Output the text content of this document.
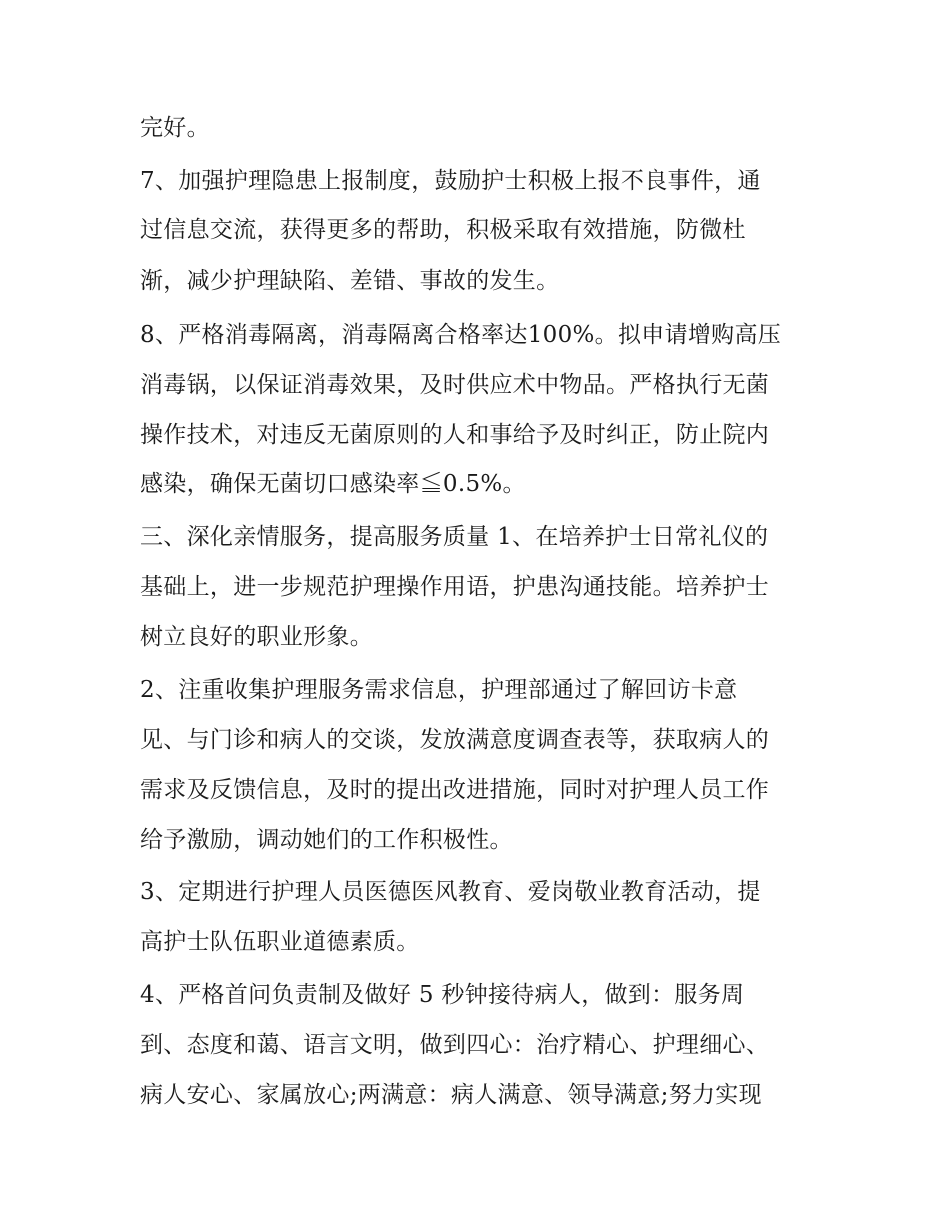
完好。
7、加强护理隐患上报制度，鼓励护士积极上报不良事件，通
过信息交流，获得更多的帮助，积极采取有效措施，防微杜
渐，减少护理缺陷、差错、事故的发生。
8、严格消毒隔离，消毒隔离合格率达100%。拟申请增购高压
消毒锅，以保证消毒效果，及时供应术中物品。严格执行无菌
操作技术，对违反无菌原则的人和事给予及时纠正，防止院内
感染，确保无菌切口感染率≦0.5%。
三、深化亲情服务，提高服务质量 1、在培养护士日常礼仪的
基础上，进一步规范护理操作用语，护患沟通技能。培养护士
树立良好的职业形象。
2、注重收集护理服务需求信息，护理部通过了解回访卡意
见、与门诊和病人的交谈，发放满意度调查表等，获取病人的
需求及反馈信息，及时的提出改进措施，同时对护理人员工作
给予激励，调动她们的工作积极性。
3、定期进行护理人员医德医风教育、爱岗敬业教育活动，提
高护士队伍职业道德素质。
4、严格首问负责制及做好 5 秒钟接待病人，做到：服务周
到、态度和蔼、语言文明，做到四心：治疗精心、护理细心、
病人安心、家属放心;两满意：病人满意、领导满意;努力实现
